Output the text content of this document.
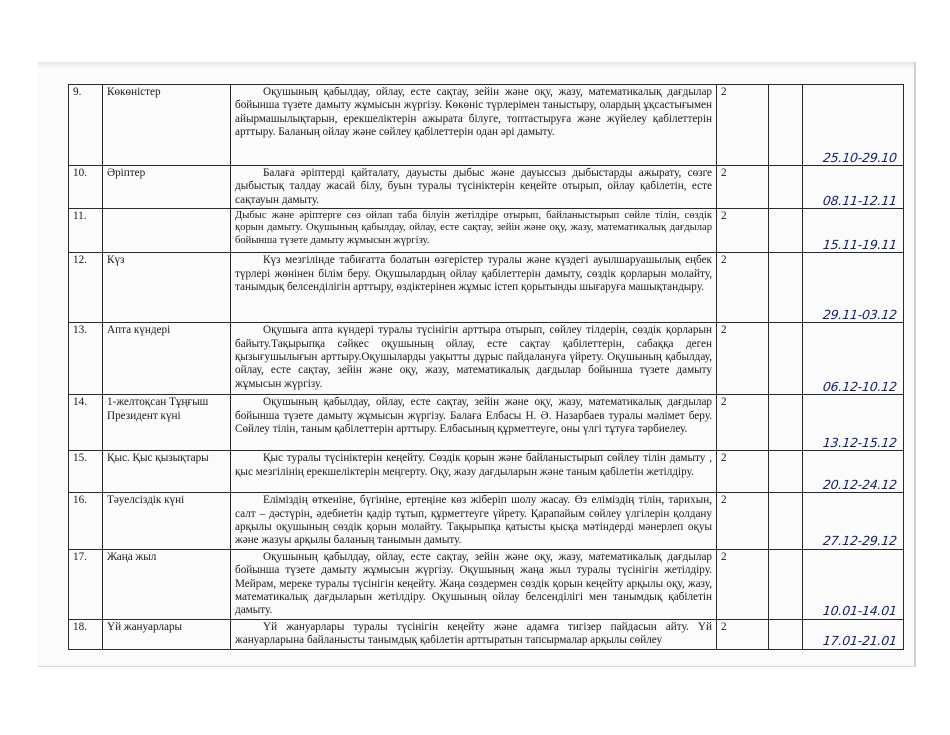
9.	Көкөністер	Оқушының қабылдау, ойлау, есте сақтау, зейін және оқу, жазу, математикалық дағдылар бойынша түзете дамыту жұмысын жүргізу. Көкөніс түрлерімен таныстыру, олардың ұқсастығымен айырмашылықтарын, ерекшеліктерін ажырата білуге, топтастыруға және жүйелеу қабілеттерін арттыру. Баланың ойлау және сөйлеу қабілеттерін одан әрі дамыту.	2		25.10-29.10

10.	Әріптер	Балаға әріптерді қайталату, дауысты дыбыс және дауыссыз дыбыстарды ажырату, сөзге дыбыстық талдау жасай білу, буын туралы түсініктерін кеңейте отырып, ойлау қабілетін, есте сақтауын дамыту.	2		08.11-12.11

11.		Дыбыс және әріптерге сөз ойлап таба білуін жетілдіре отырып, байланыстырып сөйле тілін, сөздік қорын дамыту. Оқушының қабылдау, ойлау, есте сақтау, зейін және оқу, жазу, математикалық дағдылар бойынша түзете дамыту жұмысын жүргізу.	2		15.11-19.11

12.	Күз	Күз мезгілінде табиғатта болатын өзгерістер туралы және күздегі ауылшаруашылық еңбек түрлері жөнінен білім беру. Оқушылардың ойлау қабілеттерін дамыту, сөздік қорларын молайту, танымдық белсенділігін арттыру, өздіктерінен жұмыс істеп қорытынды шығаруға машықтандыру.	2		29.11-03.12

13.	Апта күндері	Оқушыға апта күндері туралы түсінігін арттыра отырып, сөйлеу тілдерін, сөздік қорларын байыту.Тақырыпқа сәйкес оқушының ойлау, есте сақтау қабілеттерін, сабаққа деген қызығушылығын арттыру.Оқушыларды уақытты дұрыс пайдалануға үйрету. Оқушының қабылдау, ойлау, есте сақтау, зейін және оқу, жазу, математикалық дағдылар бойынша түзете дамыту жұмысын жүргізу.	2		06.12-10.12

14.	1-желтоқсан Тұңғыш Президент күні	Оқушының қабылдау, ойлау, есте сақтау, зейін және оқу, жазу, математикалық дағдылар бойынша түзете дамыту жұмысын жүргізу. Балаға Елбасы Н. Ә. Назарбаев туралы мәлімет беру. Сөйлеу тілін, таным қабілеттерін арттыру. Елбасының құрметтеуге, оны үлгі тұтуға тәрбиелеу.	2		13.12-15.12

15.	Қыс. Қыс қызықтары	Қыс туралы түсініктерін кеңейту. Сөздік қорын және байланыстырып сөйлеу тілін дамыту , қыс мезгілінің ерекшеліктерін меңгерту. Оқу, жазу дағдыларын және таным қабілетін жетілдіру.	2		20.12-24.12

16.	Тәуелсіздік күні	Еліміздің өткеніне, бүгініне, ертеңіне көз жіберіп шолу жасау. Өз еліміздің тілін, тарихын, салт – дәстүрін, әдебиетін қадір тұтып, құрметтеуге үйрету. Қарапайым сөйлеу үлгілерін қолдану арқылы оқушының сөздік қорын молайту. Тақырыпқа қатысты қысқа мәтіндерді мәнерлеп оқуы және жазуы арқылы баланың танымын дамыту.	2		27.12-29.12

17.	Жаңа жыл	Оқушының қабылдау, ойлау, есте сақтау, зейін және оқу, жазу, математикалық дағдылар бойынша түзете дамыту жұмысын жүргізу. Оқушының жаңа жыл туралы түсінігін жетілдіру. Мейрам, мереке туралы түсінігін кеңейту. Жаңа сөздермен сөздік қорын кеңейту арқылы оқу, жазу, математикалық дағдыларын жетілдіру. Оқушының ойлау белсенділігі мен танымдық қабілетін дамыту.	2		10.01-14.01

18.	Үй жануарлары	Үй жануарлары туралы түсінігін кеңейту және адамға тигізер пайдасын айту. Үй жануарларына байланысты танымдық қабілетін арттыратын тапсырмалар арқылы сөйлеу	2		17.01-21.01
